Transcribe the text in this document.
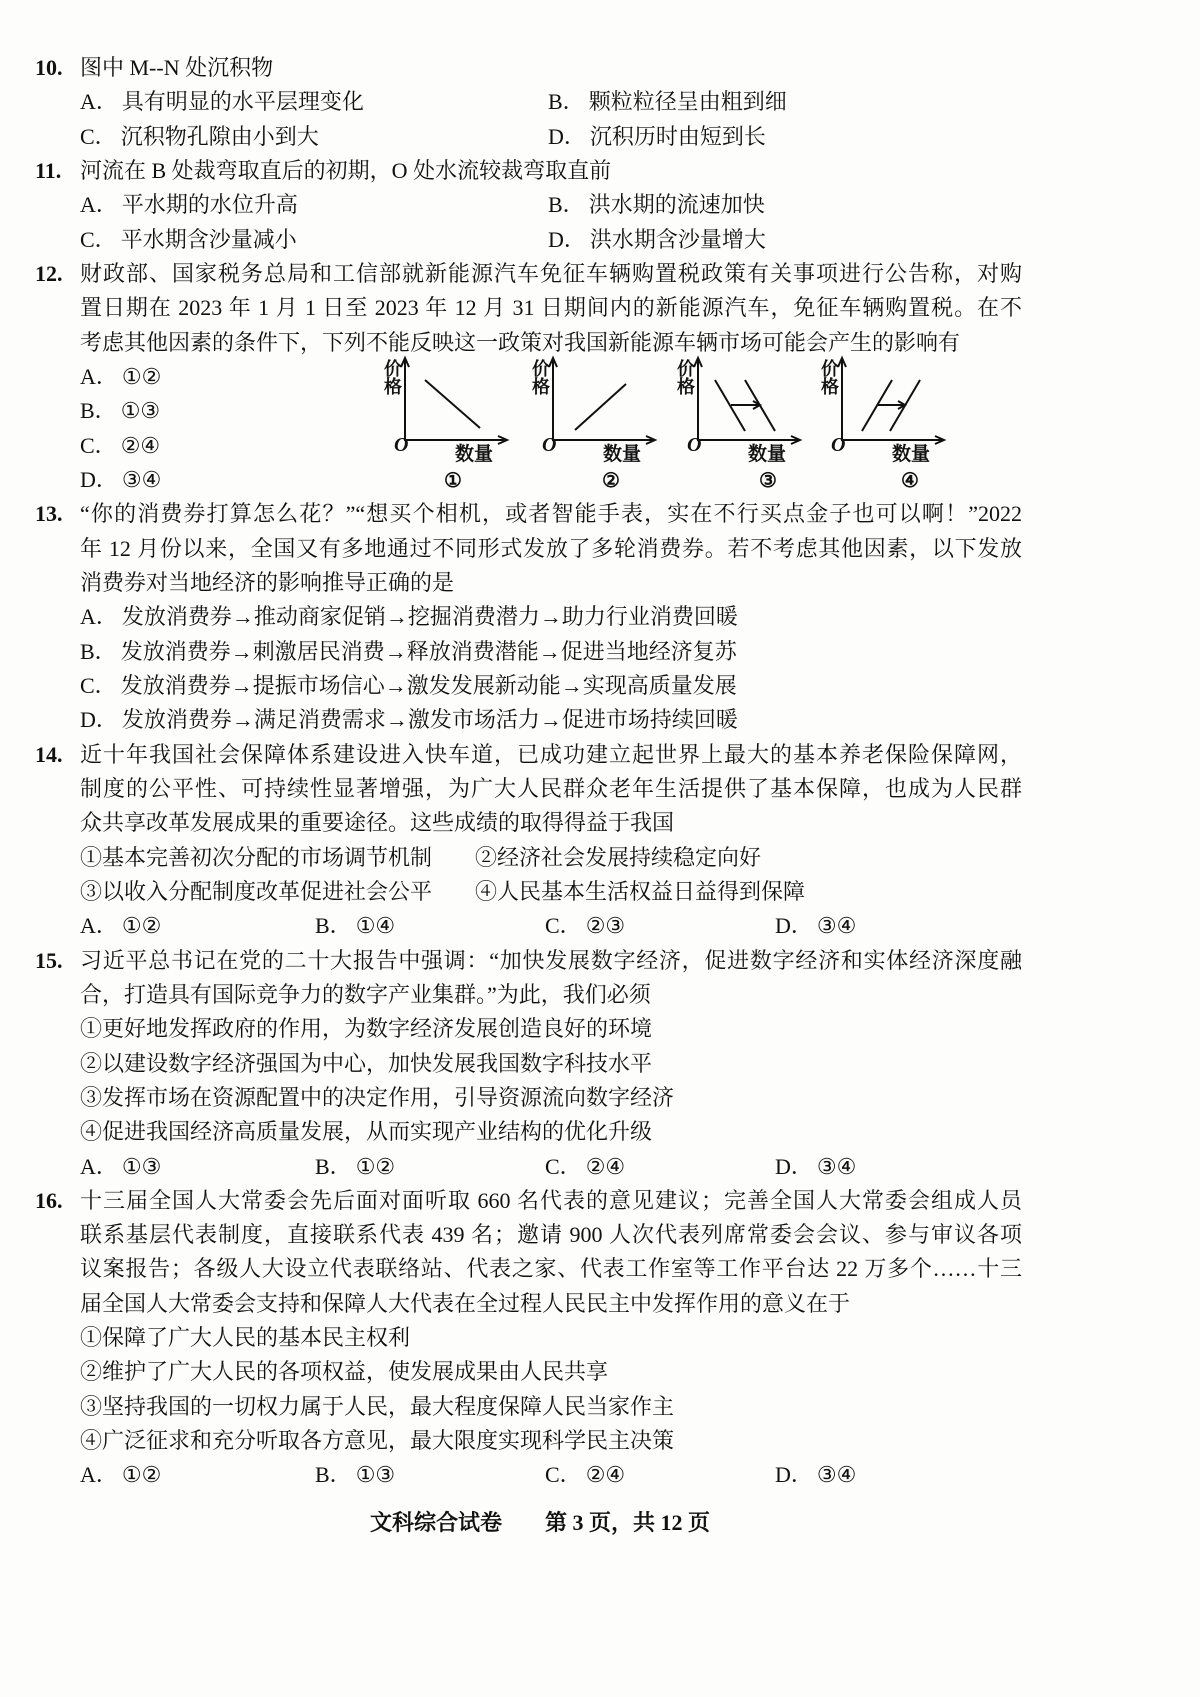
10. 图中 M--N 处沉积物
A． 具有明显的水平层理变化	B． 颗粒粒径呈由粗到细
C． 沉积物孔隙由小到大	D． 沉积历时由短到长
11. 河流在 B 处裁弯取直后的初期，O 处水流较裁弯取直前
A． 平水期的水位升高	B． 洪水期的流速加快
C． 平水期含沙量减小	D． 洪水期含沙量增大
12. 财政部、国家税务总局和工信部就新能源汽车免征车辆购置税政策有关事项进行公告称，对购
置日期在 2023 年 1 月 1 日至 2023 年 12 月 31 日期间内的新能源汽车，免征车辆购置税。在不
考虑其他因素的条件下，下列不能反映这一政策对我国新能源车辆市场可能会产生的影响有
A． ①②
B． ①③
C． ②④
D． ③④
13. “你的消费券打算怎么花？”“想买个相机，或者智能手表，实在不行买点金子也可以啊！”2022
年 12 月份以来，全国又有多地通过不同形式发放了多轮消费券。若不考虑其他因素，以下发放
消费券对当地经济的影响推导正确的是
A． 发放消费券→推动商家促销→挖掘消费潜力→助力行业消费回暖
B． 发放消费券→刺激居民消费→释放消费潜能→促进当地经济复苏
C． 发放消费券→提振市场信心→激发发展新动能→实现高质量发展
D． 发放消费券→满足消费需求→激发市场活力→促进市场持续回暖
14. 近十年我国社会保障体系建设进入快车道，已成功建立起世界上最大的基本养老保险保障网，
制度的公平性、可持续性显著增强，为广大人民群众老年生活提供了基本保障，也成为人民群
众共享改革发展成果的重要途径。这些成绩的取得得益于我国
①基本完善初次分配的市场调节机制 ②经济社会发展持续稳定向好
③以收入分配制度改革促进社会公平 ④人民基本生活权益日益得到保障
A． ①②	B． ①④	C． ②③	D． ③④
15. 习近平总书记在党的二十大报告中强调：“加快发展数字经济，促进数字经济和实体经济深度融
合，打造具有国际竞争力的数字产业集群。”为此，我们必须
①更好地发挥政府的作用，为数字经济发展创造良好的环境
②以建设数字经济强国为中心，加快发展我国数字科技水平
③发挥市场在资源配置中的决定作用，引导资源流向数字经济
④促进我国经济高质量发展，从而实现产业结构的优化升级
A． ①③	B． ①②	C． ②④	D． ③④
16. 十三届全国人大常委会先后面对面听取 660 名代表的意见建议；完善全国人大常委会组成人员
联系基层代表制度，直接联系代表 439 名；邀请 900 人次代表列席常委会会议、参与审议各项
议案报告；各级人大设立代表联络站、代表之家、代表工作室等工作平台达 22 万多个……十三
届全国人大常委会支持和保障人大代表在全过程人民民主中发挥作用的意义在于
①保障了广大人民的基本民主权利
②维护了广大人民的各项权益，使发展成果由人民共享
③坚持我国的一切权力属于人民，最大程度保障人民当家作主
④广泛征求和充分听取各方意见，最大限度实现科学民主决策
A． ①②	B． ①③	C． ②④	D． ③④
价格
O 数量
①
价格
O 数量
②
价格
O 数量
③
价格
O 数量
④
文科综合试卷 第 3 页，共 12 页
